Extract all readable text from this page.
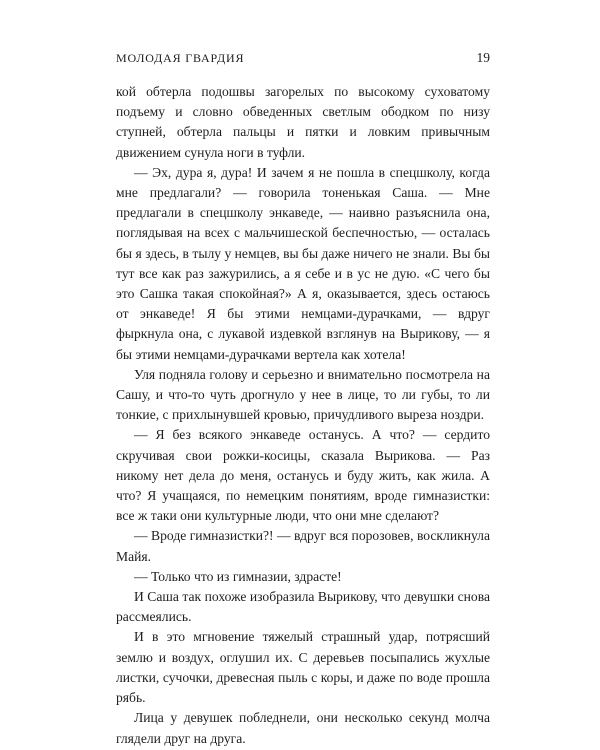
МОЛОДАЯ ГВАРДИЯ	19

кой обтерла подошвы загорелых по высокому суховатому подъему и словно обведенных светлым ободком по низу ступней, обтерла пальцы и пятки и ловким привычным движением сунула ноги в туфли.

— Эх, дура я, дура! И зачем я не пошла в спецшколу, когда мне предлагали? — говорила тоненькая Саша. — Мне предлагали в спецшколу энкаведе, — наивно разъяснила она, поглядывая на всех с мальчишеской беспечностью, — осталась бы я здесь, в тылу у немцев, вы бы даже ничего не знали. Вы бы тут все как раз зажурились, а я себе и в ус не дую. «С чего бы это Сашка такая спокойная?» А я, оказывается, здесь остаюсь от энкаведе! Я бы этими немцами-дурачками, — вдруг фыркнула она, с лукавой издевкой взглянув на Вырикову, — я бы этими немцами-дурачками вертела как хотела!

Уля подняла голову и серьезно и внимательно посмотрела на Сашу, и что-то чуть дрогнуло у нее в лице, то ли губы, то ли тонкие, с прихлынувшей кровью, причудливого выреза ноздри.

— Я без всякого энкаведе останусь. А что? — сердито скручивая свои рожки-косицы, сказала Вырикова. — Раз никому нет дела до меня, останусь и буду жить, как жила. А что? Я учащаяся, по немецким понятиям, вроде гимназистки: все ж таки они культурные люди, что они мне сделают?

— Вроде гимназистки?! — вдруг вся порозовев, воскликнула Майя.

— Только что из гимназии, здрасте!

И Саша так похоже изобразила Вырикову, что девушки снова рассмеялись.

И в это мгновение тяжелый страшный удар, потрясший землю и воздух, оглушил их. С деревьев посыпались жухлые листки, сучочки, древесная пыль с коры, и даже по воде прошла рябь.

Лица у девушек побледнели, они несколько секунд молча глядели друг на друга.
